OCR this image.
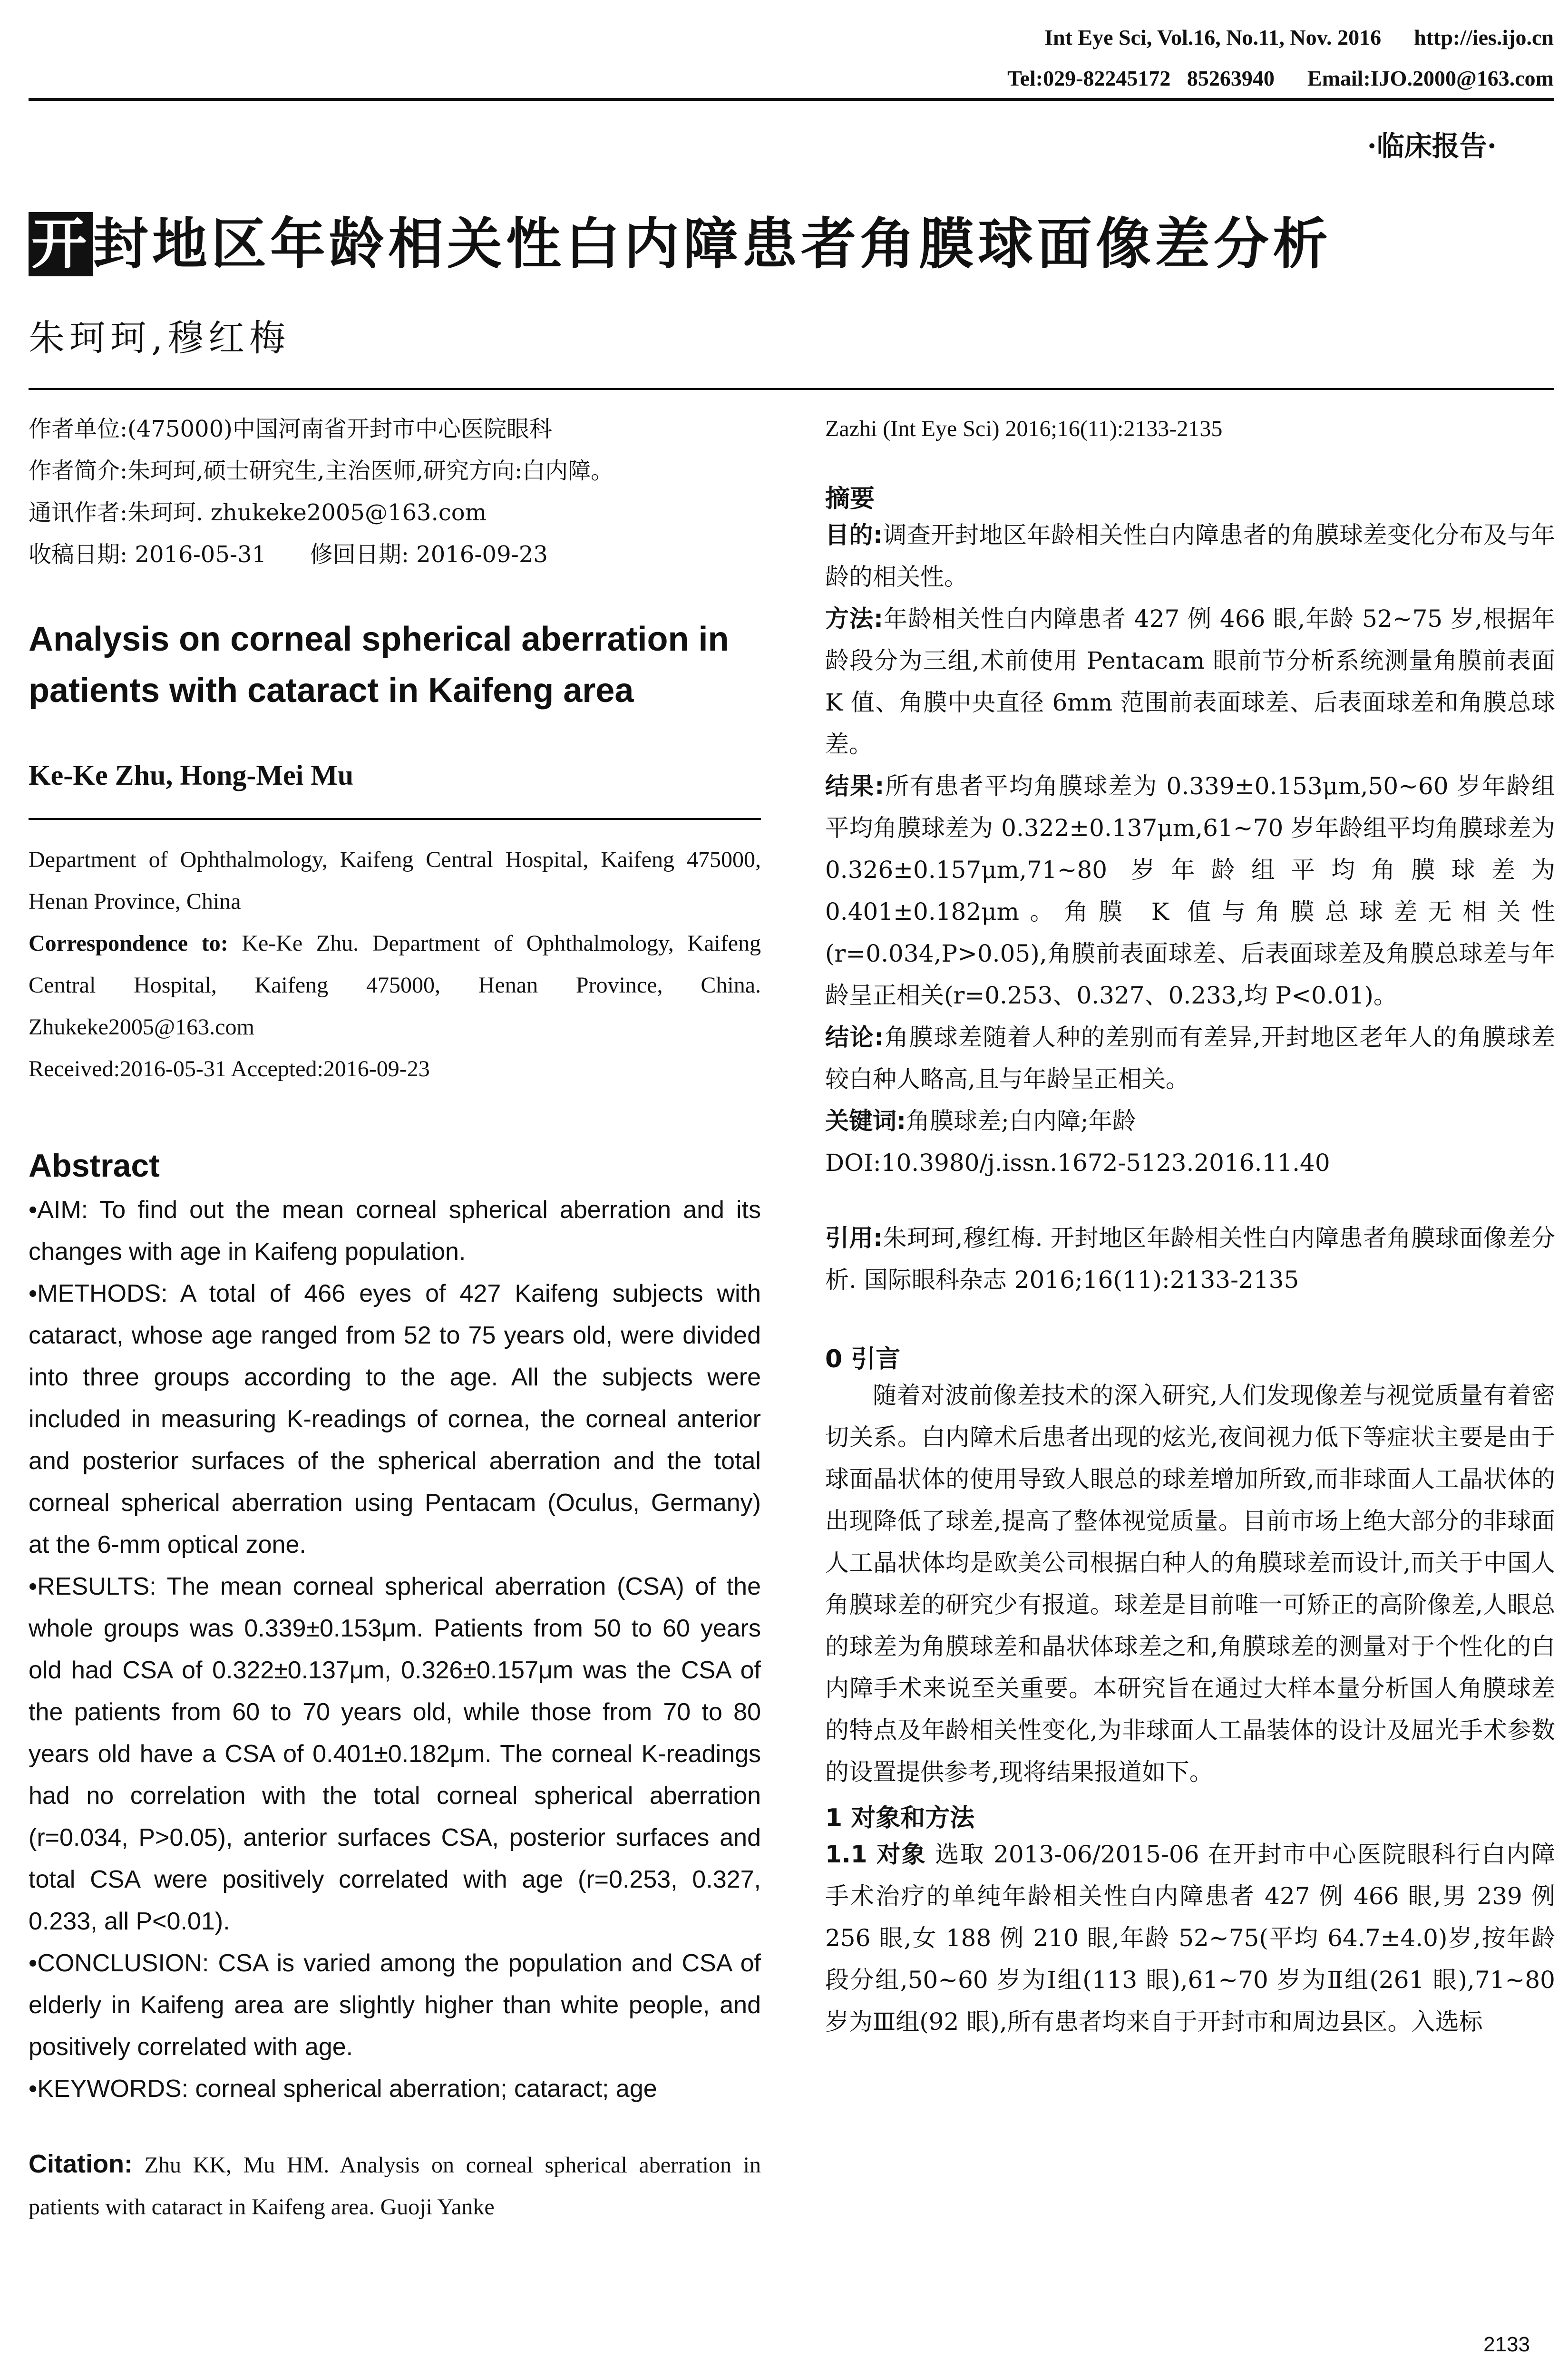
Int Eye Sci, Vol.16, No.11, Nov. 2016      http://ies.ijo.cn
Tel:029-82245172   85263940      Email:IJO.2000@163.com
·临床报告·
开封地区年龄相关性白内障患者角膜球面像差分析
朱珂珂,穆红梅
作者单位:(475000)中国河南省开封市中心医院眼科
作者简介:朱珂珂,硕士研究生,主治医师,研究方向:白内障。
通讯作者:朱珂珂. zhukeke2005@163.com
收稿日期: 2016-05-31      修回日期: 2016-09-23
Analysis on corneal spherical aberration in patients with cataract in Kaifeng area
Ke-Ke Zhu, Hong-Mei Mu
Department of Ophthalmology, Kaifeng Central Hospital, Kaifeng 475000, Henan Province, China
Correspondence to: Ke-Ke Zhu. Department of Ophthalmology, Kaifeng Central Hospital, Kaifeng 475000, Henan Province, China. Zhukeke2005@163.com
Received:2016-05-31 Accepted:2016-09-23
Abstract

•AIM: To find out the mean corneal spherical aberration and its changes with age in Kaifeng population.

•METHODS: A total of 466 eyes of 427 Kaifeng subjects with cataract, whose age ranged from 52 to 75 years old, were divided into three groups according to the age. All the subjects were included in measuring K-readings of cornea, the corneal anterior and posterior surfaces of the spherical aberration and the total corneal spherical aberration using Pentacam (Oculus, Germany) at the 6-mm optical zone.

•RESULTS: The mean corneal spherical aberration (CSA) of the whole groups was 0.339±0.153μm. Patients from 50 to 60 years old had CSA of 0.322±0.137μm, 0.326±0.157μm was the CSA of the patients from 60 to 70 years old, while those from 70 to 80 years old have a CSA of 0.401±0.182μm. The corneal K-readings had no correlation with the total corneal spherical aberration (r=0.034, P>0.05), anterior surfaces CSA, posterior surfaces and total CSA were positively correlated with age (r=0.253, 0.327, 0.233, all P<0.01).

•CONCLUSION: CSA is varied among the population and CSA of elderly in Kaifeng area are slightly higher than white people, and positively correlated with age.

•KEYWORDS: corneal spherical aberration; cataract; age

Citation: Zhu KK, Mu HM. Analysis on corneal spherical aberration in patients with cataract in Kaifeng area. Guoji Yanke
Zazhi (Int Eye Sci) 2016;16(11):2133-2135
摘要

目的:调查开封地区年龄相关性白内障患者的角膜球差变化分布及与年龄的相关性。

方法:年龄相关性白内障患者 427 例 466 眼,年龄 52~75 岁,根据年龄段分为三组,术前使用 Pentacam 眼前节分析系统测量角膜前表面 K 值、角膜中央直径 6mm 范围前表面球差、后表面球差和角膜总球差。

结果:所有患者平均角膜球差为 0.339±0.153μm,50~60 岁年龄组平均角膜球差为 0.322±0.137μm,61~70 岁年龄组平均角膜球差为 0.326±0.157μm,71~80 岁年龄组平均角膜球差为 0.401±0.182μm。角膜 K 值与角膜总球差无相关性(r=0.034,P>0.05),角膜前表面球差、后表面球差及角膜总球差与年龄呈正相关(r=0.253、0.327、0.233,均 P<0.01)。

结论:角膜球差随着人种的差别而有差异,开封地区老年人的角膜球差较白种人略高,且与年龄呈正相关。

关键词:角膜球差;白内障;年龄

DOI:10.3980/j.issn.1672-5123.2016.11.40

引用:朱珂珂,穆红梅. 开封地区年龄相关性白内障患者角膜球面像差分析. 国际眼科杂志 2016;16(11):2133-2135
0 引言

随着对波前像差技术的深入研究,人们发现像差与视觉质量有着密切关系。白内障术后患者出现的炫光,夜间视力低下等症状主要是由于球面晶状体的使用导致人眼总的球差增加所致,而非球面人工晶状体的出现降低了球差,提高了整体视觉质量。目前市场上绝大部分的非球面人工晶状体均是欧美公司根据白种人的角膜球差而设计,而关于中国人角膜球差的研究少有报道。球差是目前唯一可矫正的高阶像差,人眼总的球差为角膜球差和晶状体球差之和,角膜球差的测量对于个性化的白内障手术来说至关重要。本研究旨在通过大样本量分析国人角膜球差的特点及年龄相关性变化,为非球面人工晶装体的设计及屈光手术参数的设置提供参考,现将结果报道如下。

1 对象和方法

1.1 对象 选取 2013-06/2015-06 在开封市中心医院眼科行白内障手术治疗的单纯年龄相关性白内障患者 427 例 466 眼,男 239 例 256 眼,女 188 例 210 眼,年龄 52~75(平均 64.7±4.0)岁,按年龄段分组,50~60 岁为Ⅰ组(113 眼),61~70 岁为Ⅱ组(261 眼),71~80 岁为Ⅲ组(92 眼),所有患者均来自于开封市和周边县区。入选标

2133
